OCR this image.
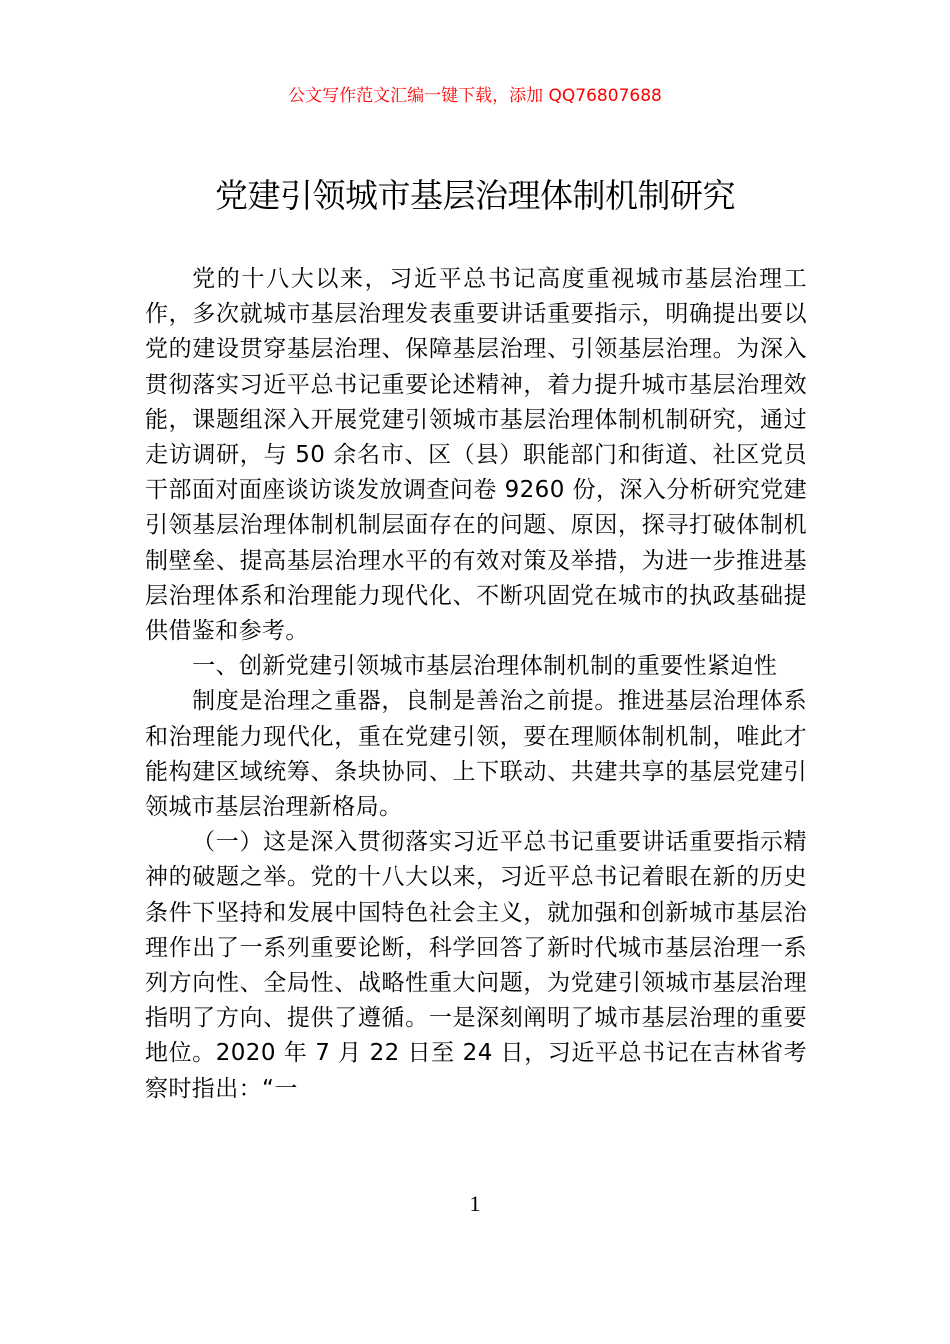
公文写作范文汇编一键下载，添加 QQ76807688
党建引领城市基层治理体制机制研究

党的十八大以来，习近平总书记高度重视城市基层治理工作，多次就城市基层治理发表重要讲话重要指示，明确提出要以党的建设贯穿基层治理、保障基层治理、引领基层治理。为深入贯彻落实习近平总书记重要论述精神，着力提升城市基层治理效能，课题组深入开展党建引领城市基层治理体制机制研究，通过走访调研，与 50 余名市、区（县）职能部门和街道、社区党员干部面对面座谈访谈发放调查问卷 9260 份，深入分析研究党建引领基层治理体制机制层面存在的问题、原因，探寻打破体制机制壁垒、提高基层治理水平的有效对策及举措，为进一步推进基层治理体系和治理能力现代化、不断巩固党在城市的执政基础提供借鉴和参考。

一、创新党建引领城市基层治理体制机制的重要性紧迫性

制度是治理之重器，良制是善治之前提。推进基层治理体系和治理能力现代化，重在党建引领，要在理顺体制机制，唯此才能构建区域统筹、条块协同、上下联动、共建共享的基层党建引领城市基层治理新格局。

（一）这是深入贯彻落实习近平总书记重要讲话重要指示精神的破题之举。党的十八大以来，习近平总书记着眼在新的历史条件下坚持和发展中国特色社会主义，就加强和创新城市基层治理作出了一系列重要论断，科学回答了新时代城市基层治理一系列方向性、全局性、战略性重大问题，为党建引领城市基层治理指明了方向、提供了遵循。一是深刻阐明了城市基层治理的重要地位。2020 年 7 月 22 日至 24 日，习近平总书记在吉林省考察时指出：“一

1
